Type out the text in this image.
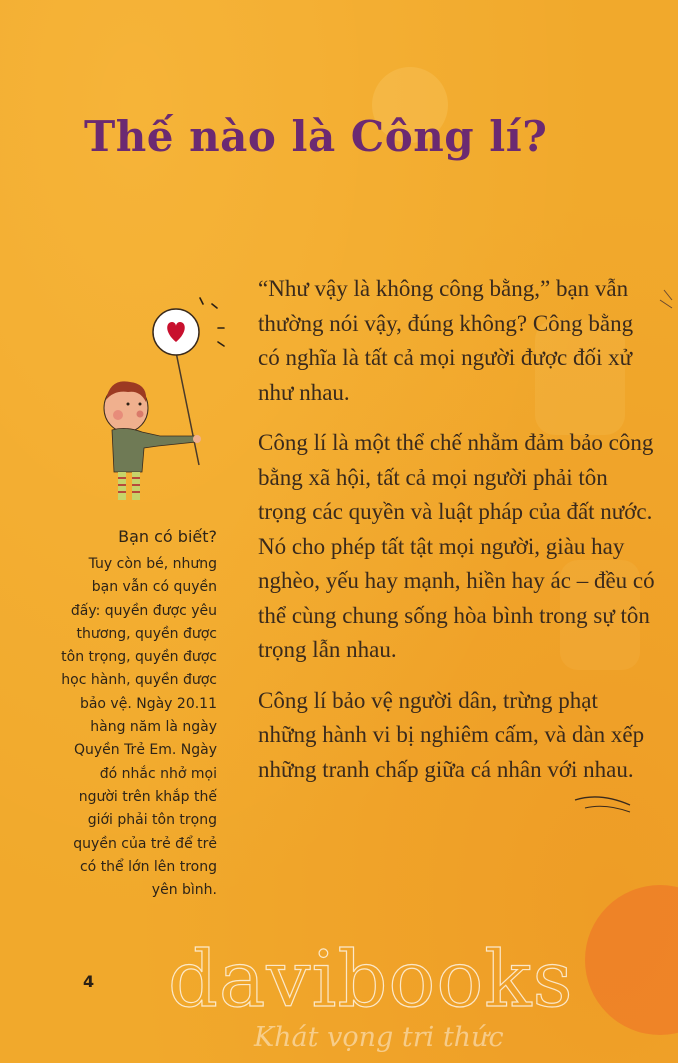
Thế nào là Công lí?

“Như vậy là không công bằng,” bạn vẫn thường nói vậy, đúng không? Công bằng có nghĩa là tất cả mọi người được đối xử như nhau.

Công lí là một thể chế nhằm đảm bảo công bằng xã hội, tất cả mọi người phải tôn trọng các quyền và luật pháp của đất nước. Nó cho phép tất tật mọi người, giàu hay nghèo, yếu hay mạnh, hiền hay ác – đều có thể cùng chung sống hòa bình trong sự tôn trọng lẫn nhau.

Công lí bảo vệ người dân, trừng phạt những hành vi bị nghiêm cấm, và dàn xếp những tranh chấp giữa cá nhân với nhau.

Bạn có biết?

Tuy còn bé, nhưng bạn vẫn có quyền đấy: quyền được yêu thương, quyền được tôn trọng, quyền được học hành, quyền được bảo vệ. Ngày 20.11 hàng năm là ngày Quyền Trẻ Em. Ngày đó nhắc nhở mọi người trên khắp thế giới phải tôn trọng quyền của trẻ để trẻ có thể lớn lên trong yên bình.

4 davibooks
Khát vọng tri thức
